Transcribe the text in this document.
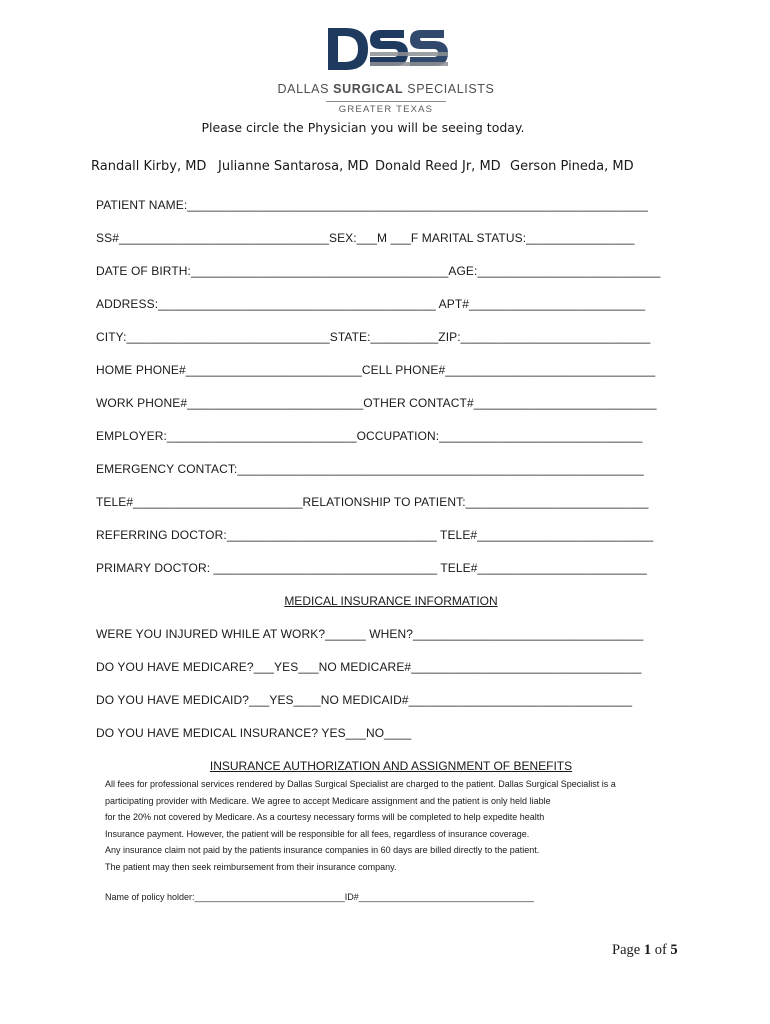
DALLAS SURGICAL SPECIALISTS
GREATER TEXAS
Please circle the Physician you will be seeing today.
Randall Kirby, MD Julianne Santarosa, MD Donald Reed Jr, MD Gerson Pineda, MD
PATIENT NAME:____________________________________________________________________
SS#_______________________________SEX:___M ___F MARITAL STATUS:________________
DATE OF BIRTH:______________________________________AGE:___________________________
ADDRESS:_________________________________________ APT#__________________________
CITY:______________________________STATE:__________ZIP:____________________________
HOME PHONE#__________________________CELL PHONE#_______________________________
WORK PHONE#__________________________OTHER CONTACT#___________________________
EMPLOYER:____________________________OCCUPATION:______________________________
EMERGENCY CONTACT:____________________________________________________________
TELE#_________________________RELATIONSHIP TO PATIENT:___________________________
REFERRING DOCTOR:_______________________________ TELE#__________________________
PRIMARY DOCTOR: _________________________________ TELE#_________________________
MEDICAL INSURANCE INFORMATION
WERE YOU INJURED WHILE AT WORK?______ WHEN?__________________________________
DO YOU HAVE MEDICARE?___YES___NO MEDICARE#__________________________________
DO YOU HAVE MEDICAID?___YES____NO MEDICAID#_________________________________
DO YOU HAVE MEDICAL INSURANCE? YES___NO____
INSURANCE AUTHORIZATION AND ASSIGNMENT OF BENEFITS
All fees for professional services rendered by Dallas Surgical Specialist are charged to the patient. Dallas Surgical Specialist is a
participating provider with Medicare. We agree to accept Medicare assignment and the patient is only held liable
for the 20% not covered by Medicare. As a courtesy necessary forms will be completed to help expedite health
Insurance payment. However, the patient will be responsible for all fees, regardless of insurance coverage.
Any insurance claim not paid by the patients insurance companies in 60 days are billed directly to the patient.
The patient may then seek reimbursement from their insurance company.
Name of policy holder:______________________________ID#___________________________________
Page 1 of 5
